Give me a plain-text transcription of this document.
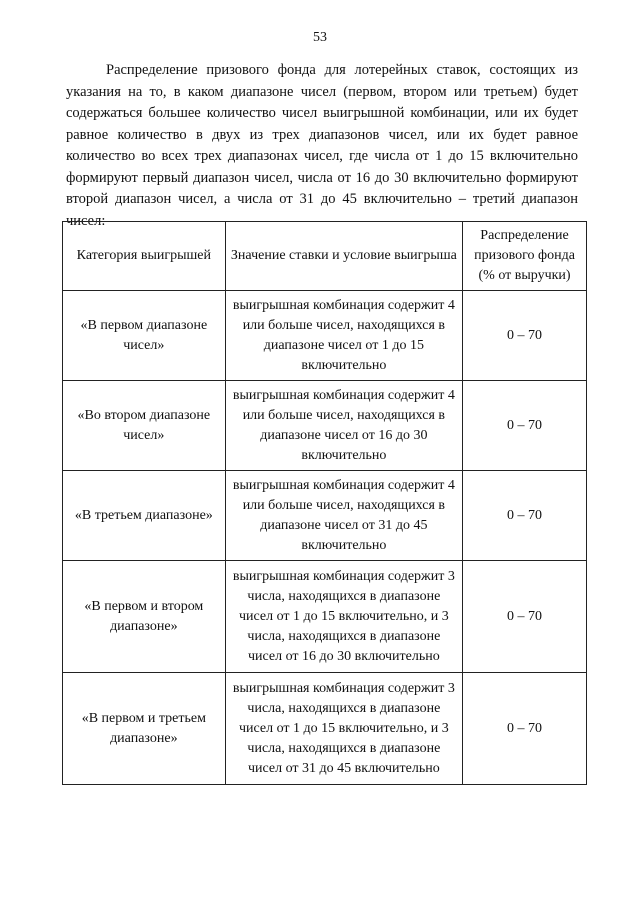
53

Распределение призового фонда для лотерейных ставок, состоящих из указания на то, в каком диапазоне чисел (первом, втором или третьем) будет содержаться большее количество чисел выигрышной комбинации, или их будет равное количество в двух из трех диапазонов чисел, или их будет равное количество во всех трех диапазонах чисел, где числа от 1 до 15 включительно формируют первый диапазон чисел, числа от 16 до 30 включительно формируют второй диапазон чисел, а числа от 31 до 45 включительно – третий диапазон чисел:

Категория выигрышей	Значение ставки и условие выигрыша	Распределение призового фонда (% от выручки)
«В первом диапазоне чисел»	выигрышная комбинация содержит 4 или больше чисел, находящихся в диапазоне чисел от 1 до 15 включительно	0 – 70
«Во втором диапазоне чисел»	выигрышная комбинация содержит 4 или больше чисел, находящихся в диапазоне чисел от 16 до 30 включительно	0 – 70
«В третьем диапазоне»	выигрышная комбинация содержит 4 или больше чисел, находящихся в диапазоне чисел от 31 до 45 включительно	0 – 70
«В первом и втором диапазоне»	выигрышная комбинация содержит 3 числа, находящихся в диапазоне чисел от 1 до 15 включительно, и 3 числа, находящихся в диапазоне чисел от 16 до 30 включительно	0 – 70
«В первом и третьем диапазоне»	выигрышная комбинация содержит 3 числа, находящихся в диапазоне чисел от 1 до 15 включительно, и 3 числа, находящихся в диапазоне чисел от 31 до 45 включительно	0 – 70
